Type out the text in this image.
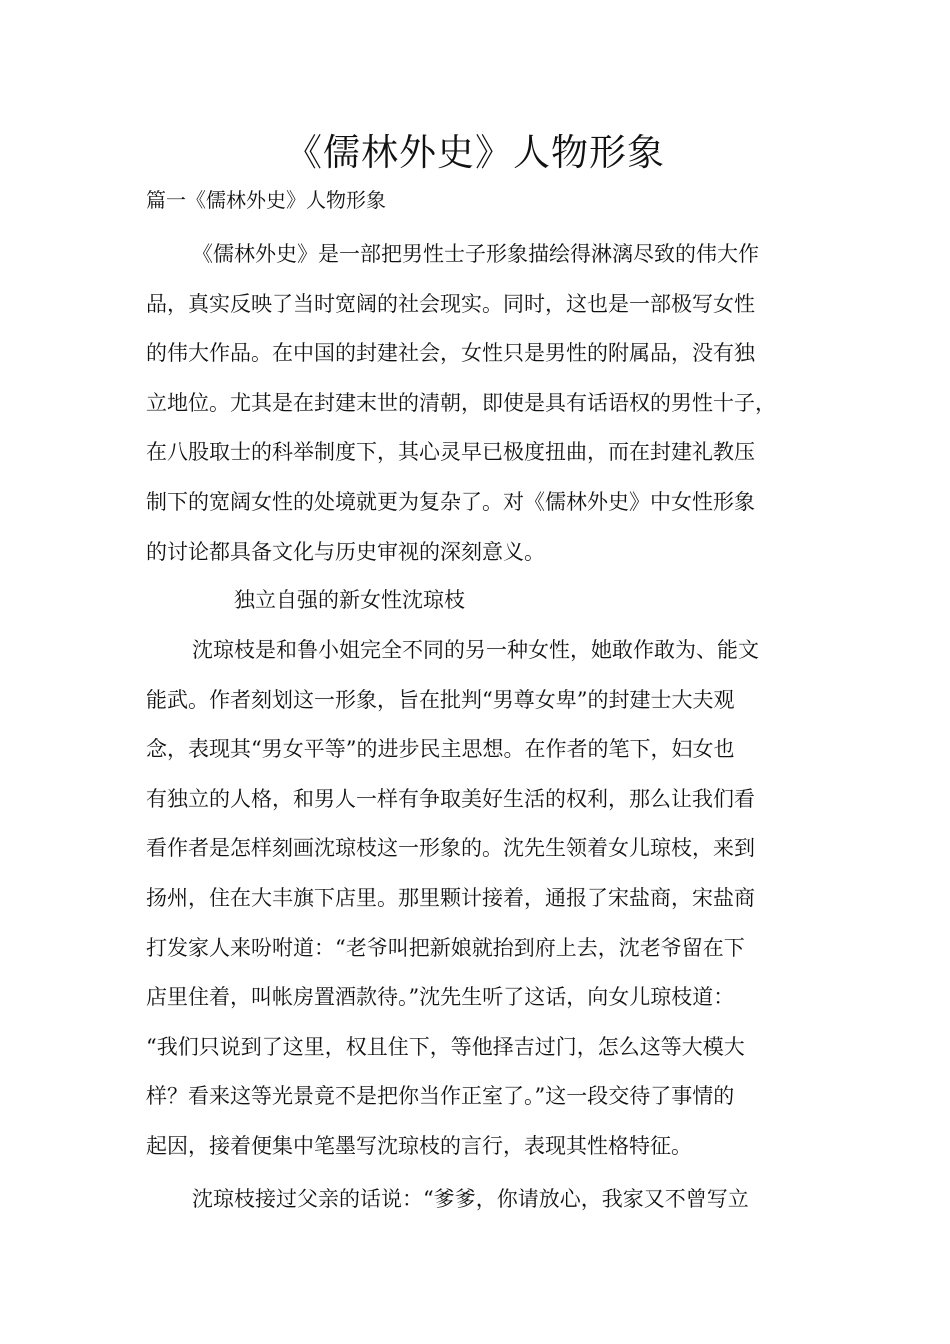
《儒林外史》人物形象

篇一《儒林外史》人物形象

《儒林外史》是一部把男性士子形象描绘得淋漓尽致的伟大作
品，真实反映了当时宽阔的社会现实。同时，这也是一部极写女性
的伟大作品。在中国的封建社会，女性只是男性的附属品，没有独
立地位。尤其是在封建末世的清朝，即使是具有话语权的男性十子，
在八股取士的科举制度下，其心灵早已极度扭曲，而在封建礼教压
制下的宽阔女性的处境就更为复杂了。对《儒林外史》中女性形象
的讨论都具备文化与历史审视的深刻意义。

独立自强的新女性沈琼枝

沈琼枝是和鲁小姐完全不同的另一种女性，她敢作敢为、能文
能武。作者刻划这一形象，旨在批判“男尊女卑”的封建士大夫观
念，表现其“男女平等”的进步民主思想。在作者的笔下，妇女也
有独立的人格，和男人一样有争取美好生活的权利，那么让我们看
看作者是怎样刻画沈琼枝这一形象的。沈先生领着女儿琼枝，来到
扬州，住在大丰旗下店里。那里颗计接着，通报了宋盐商，宋盐商
打发家人来吩咐道：“老爷叫把新娘就抬到府上去，沈老爷留在下
店里住着，叫帐房置酒款待。”沈先生听了这话，向女儿琼枝道：
“我们只说到了这里，权且住下，等他择吉过门，怎么这等大模大
样？看来这等光景竟不是把你当作正室了。”这一段交待了事情的
起因，接着便集中笔墨写沈琼枝的言行，表现其性格特征。

沈琼枝接过父亲的话说：“爹爹，你请放心，我家又不曾写立
